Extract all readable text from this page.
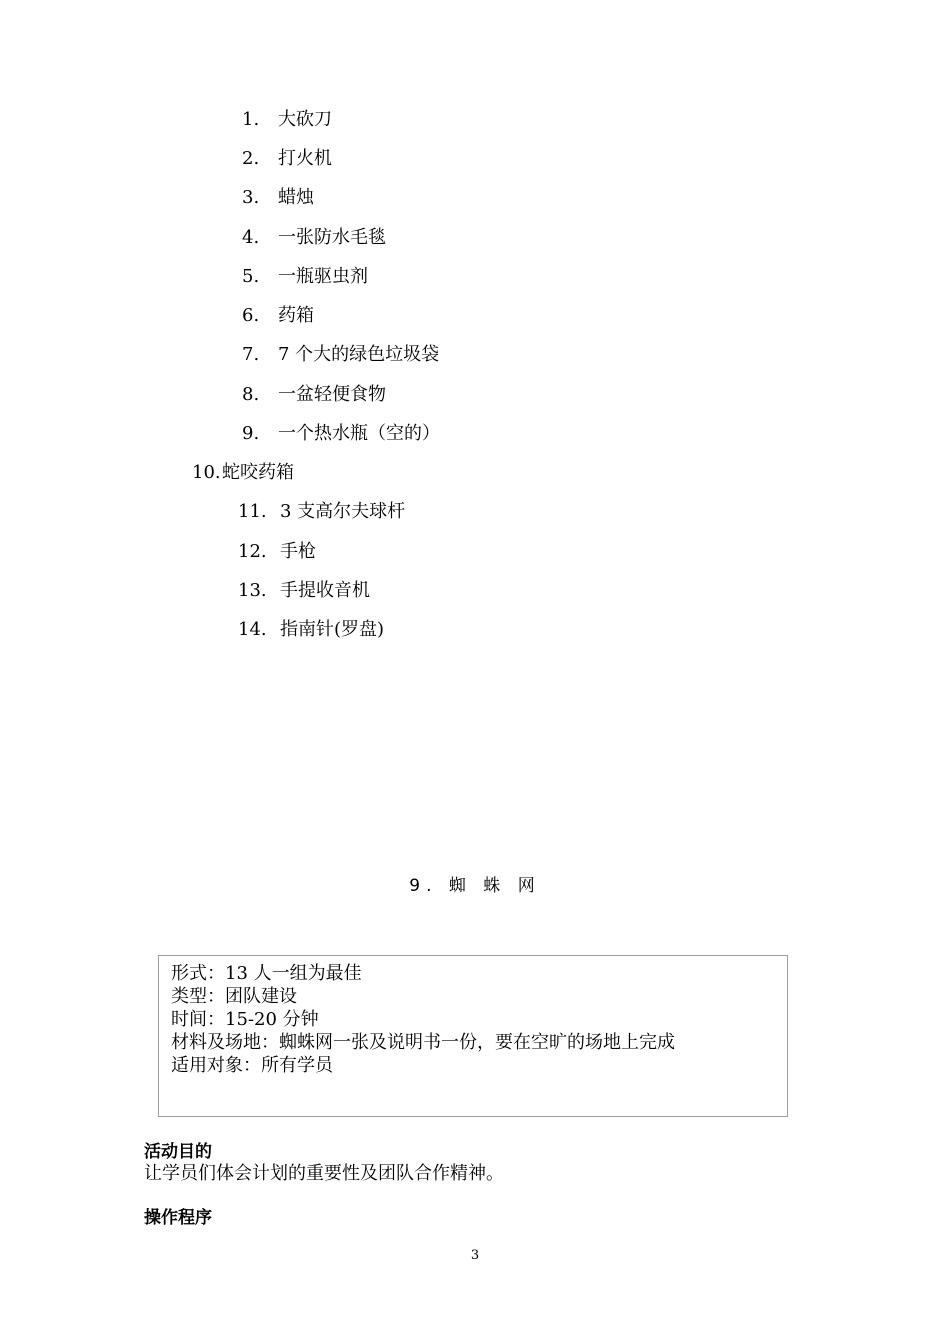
1. 大砍刀
2. 打火机
3. 蜡烛
4. 一张防水毛毯
5. 一瓶驱虫剂
6. 药箱
7. 7 个大的绿色垃圾袋
8. 一盆轻便食物
9. 一个热水瓶（空的）
10. 蛇咬药箱
11. 3 支高尔夫球杆
12. 手枪
13. 手提收音机
14. 指南针(罗盘)
9. 蜘 蛛 网
形式：13 人一组为最佳
类型：团队建设
时间：15-20 分钟
材料及场地：蜘蛛网一张及说明书一份，要在空旷的场地上完成
适用对象：所有学员
活动目的
让学员们体会计划的重要性及团队合作精神。
操作程序
3
